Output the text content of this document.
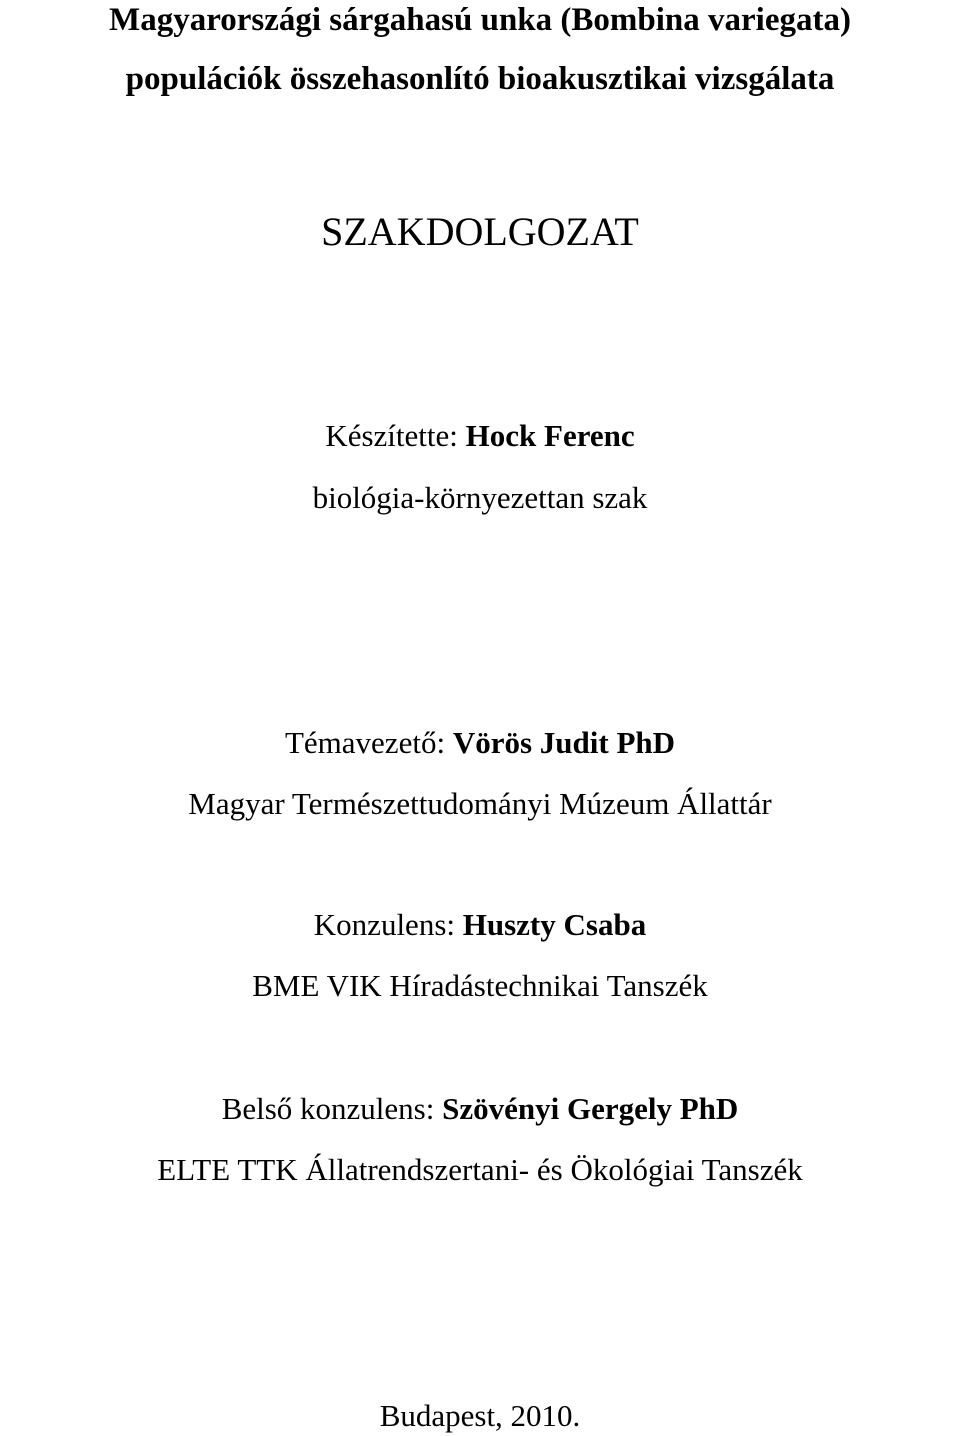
Magyarországi sárgahasú unka (Bombina variegata)
populációk összehasonlító bioakusztikai vizsgálata
SZAKDOLGOZAT
Készítette: Hock Ferenc
biológia-környezettan szak
Témavezető: Vörös Judit PhD
Magyar Természettudományi Múzeum Állattár
Konzulens: Huszty Csaba
BME VIK Híradástechnikai Tanszék
Belső konzulens: Szövényi Gergely PhD
ELTE TTK Állatrendszertani- és Ökológiai Tanszék
Budapest, 2010.
